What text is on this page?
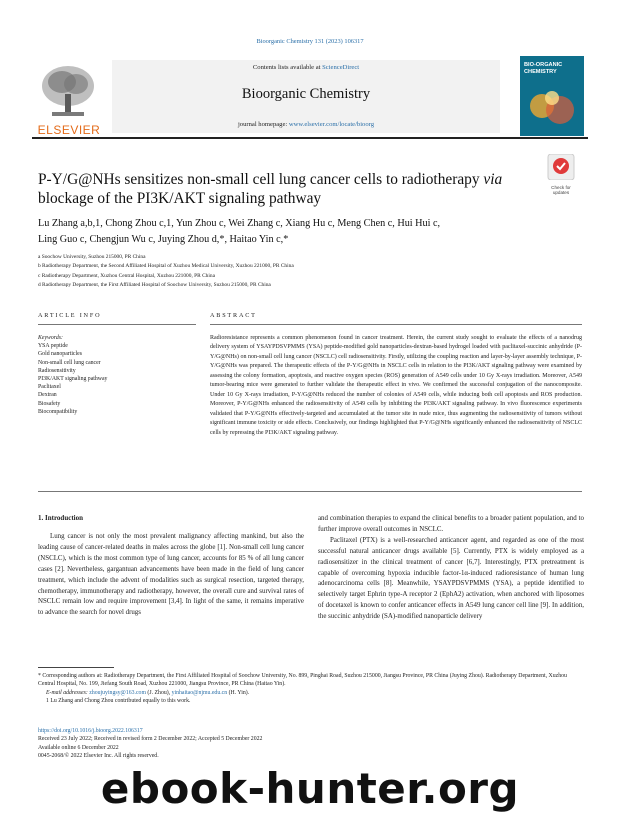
Bioorganic Chemistry 131 (2023) 106317
ELSEVIER
Contents lists available at ScienceDirect
Bioorganic Chemistry
journal homepage: www.elsevier.com/locate/bioorg
BIO-ORGANIC CHEMISTRY
P-Y/G@NHs sensitizes non-small cell lung cancer cells to radiotherapy via blockage of the PI3K/AKT signaling pathway
Check for updates
Lu Zhang a,b,1, Chong Zhou c,1, Yun Zhou c, Wei Zhang c, Xiang Hu c, Meng Chen c, Hui Hui c,
Ling Guo c, Chengjun Wu c, Juying Zhou d,*, Haitao Yin c,*
a Soochow University, Suzhou 215000, PR China
b Radiotherapy Department, the Second Affiliated Hospital of Xuzhou Medical University, Xuzhou 221000, PR China
c Radiotherapy Department, Xuzhou Central Hospital, Xuzhou 221000, PR China
d Radiotherapy Department, the First Affiliated Hospital of Soochow University, Suzhou 215000, PR China
ARTICLE INFO
Keywords:
YSA peptide
Gold nanoparticles
Non-small cell lung cancer
Radiosensitivity
PI3K/AKT signaling pathway
Paclitaxel
Dextran
Biosafety
Biocompatibility
ABSTRACT
Radioresistance represents a common phenomenon found in cancer treatment. Herein, the current study sought to evaluate the effects of a nanodrug delivery system of YSAYPDSVPMMS (YSA) peptide-modified gold nanoparticles-dextran-based hydrogel loaded with paclitaxel-succinic anhydride (P-Y/G@NHs) on non-small cell lung cancer (NSCLC) cell radiosensitivity. Firstly, utilizing the coupling reaction and layer-by-layer assembly technique, P-Y/G@NHs was prepared. The therapeutic effects of the P-Y/G@NHs in NSCLC cells in relation to the PI3K/AKT signaling pathway were examined by assessing the colony formation, apoptosis, and reactive oxygen species (ROS) generation of A549 cells under 10 Gy X-rays irradiation. Moreover, A549 tumor-bearing mice were generated to further validate the therapeutic effect in vivo. We confirmed the successful conjugation of the nanocomposite. Under 10 Gy X-rays irradiation, P-Y/G@NHs reduced the number of colonies of A549 cells, while inducing both cell apoptosis and ROS production. Moreover, P-Y/G@NHs enhanced the radiosensitivity of A549 cells by inhibiting the PI3K/AKT signaling pathway. In vivo fluorescence experiments validated that P-Y/G@NHs effectively-targeted and accumulated at the tumor site in nude mice, thus augmenting the radiosensitivity of tumors without significant immune toxicity or side effects. Conclusively, our findings highlighted that P-Y/G@NHs significantly enhanced the radiosensitivity of NSCLC cells by repressing the PI3K/AKT signaling pathway.
1. Introduction
Lung cancer is not only the most prevalent malignancy affecting mankind, but also the leading cause of cancer-related deaths in males across the globe [1]. Non-small cell lung cancer (NSCLC), which is the most common type of lung cancer, accounts for 85 % of all lung cancer cases [2]. Nevertheless, gargantuan advancements have been made in the field of lung cancer treatment, which include the advent of modalities such as surgical resection, targeted therapy, chemotherapy, immunotherapy and radiotherapy, however, the overall cure and survival rates of NSCLC remain low and require improvement [3,4]. In light of the same, it remains imperative to advance the search for novel drugs
and combination therapies to expand the clinical benefits to a broader patient population, and to further improve overall outcomes in NSCLC.
Paclitaxel (PTX) is a well-researched anticancer agent, and regarded as one of the most successful natural anticancer drugs available [5]. Currently, PTX is widely employed as a radiosensitizer in the clinical treatment of cancer [6,7]. Interestingly, PTX pretreatment is capable of overcoming hypoxia inducible factor-1α-induced radioresistance of human lung adenocarcinoma cells [8]. Meanwhile, YSAYPDSVPMMS (YSA), a peptide identified to selectively target Ephrin type-A receptor 2 (EphA2) activation, when anchored with liposomes of docetaxel is known to confer anticancer effects in A549 lung cancer cell line [9]. In addition, the succinic anhydride (SA)-modified nanoparticle delivery
* Corresponding authors at: Radiotherapy Department, the First Affiliated Hospital of Soochow University, No. 899, Pinghai Road, Suzhou 215000, Jiangsu Province, PR China (Juying Zhou). Radiotherapy Department, Xuzhou Central Hospital, No. 199, Jiefang South Road, Xuzhou 221000, Jiangsu Province, PR China (Haitao Yin).
E-mail addresses: zhoujuyingsy@163.com (J. Zhou), yinhaitao@njmu.edu.cn (H. Yin).
1 Lu Zhang and Chong Zhou contributed equally to this work.
https://doi.org/10.1016/j.bioorg.2022.106317
Received 23 July 2022; Received in revised form 2 December 2022; Accepted 5 December 2022
Available online 6 December 2022
0045-2068/© 2022 Elsevier Inc. All rights reserved.
ebook-hunter.org
